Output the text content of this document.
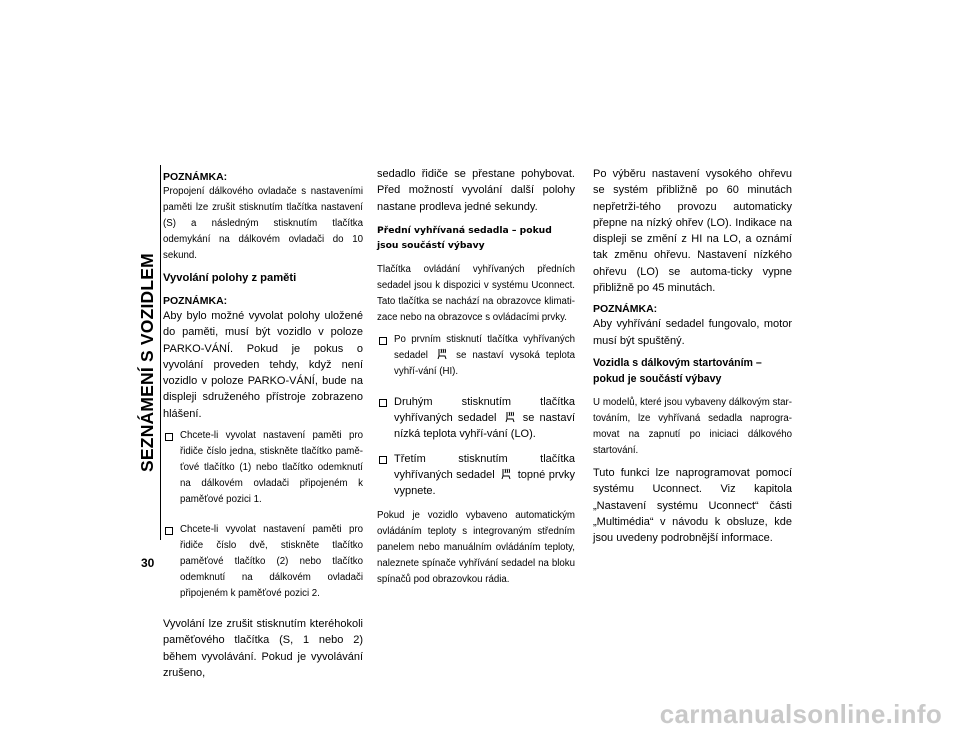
SEZNÁMENÍ S VOZIDLEM
30

POZNÁMKA:

Propojení dálkového ovladače s nastaveními paměti lze zrušit stisknutím tlačítka nastavení (S) a následným stisknutím tlačítka odemykání na dálkovém ovladači do 10 sekund.

Vyvolání polohy z paměti

POZNÁMKA:

Aby bylo možné vyvolat polohy uložené do paměti, musí být vozidlo v poloze PARKO-VÁNÍ. Pokud je pokus o vyvolání proveden tehdy, když není vozidlo v poloze PARKO-VÁNÍ, bude na displeji sdruženého přístroje zobrazeno hlášení.

Chcete-li vyvolat nastavení paměti pro řidiče číslo jedna, stiskněte tlačítko pamě-ťové tlačítko (1) nebo tlačítko odemknutí na dálkovém ovladači připojeném k paměťové pozici 1.
Chcete-li vyvolat nastavení paměti pro řidiče číslo dvě, stiskněte tlačítko paměťové tlačítko (2) nebo tlačítko odemknutí na dálkovém ovladači připojeném k paměťové pozici 2.

Vyvolání lze zrušit stisknutím kteréhokoli paměťového tlačítka (S, 1 nebo 2) během vyvolávání. Pokud je vyvolávání zrušeno,

sedadlo řidiče se přestane pohybovat. Před možností vyvolání další polohy nastane prodleva jedné sekundy.

Přední vyhřívaná sedadla – pokud jsou součástí výbavy

Tlačítka ovládání vyhřívaných předních sedadel jsou k dispozici v systému Uconnect. Tato tlačítka se nachází na obrazovce klimati-zace nebo na obrazovce s ovládacími prvky.

Po prvním stisknutí tlačítka vyhřívaných sedadel	se nastaví vysoká teplota vyhří-vání (HI).
Druhým stisknutím tlačítka vyhřívaných sedadel se nastaví nízká teplota vyhří-vání (LO).
Třetím stisknutím tlačítka vyhřívaných sedadel topné prvky vypnete.

Pokud je vozidlo vybaveno automatickým ovládáním teploty s integrovaným středním panelem nebo manuálním ovládáním teploty, naleznete spínače vyhřívání sedadel na bloku spínačů pod obrazovkou rádia.

Po výběru nastavení vysokého ohřevu se systém přibližně po 60 minutách nepřetrži-tého provozu automaticky přepne na nízký ohřev (LO). Indikace na displeji se změní z HI na LO, a oznámí tak změnu ohřevu. Nastavení nízkého ohřevu (LO) se automa-ticky vypne přibližně po 45 minutách.

POZNÁMKA:

Aby vyhřívání sedadel fungovalo, motor musí být spuštěný.

Vozidla s dálkovým startováním – pokud je součástí výbavy

U modelů, které jsou vybaveny dálkovým star-továním, lze vyhřívaná sedadla naprogra-movat na zapnutí po iniciaci dálkového startování.

Tuto funkci lze naprogramovat pomocí systému Uconnect. Viz kapitola „Nastavení systému Uconnect“ části „Multimédia“ v návodu k obsluze, kde jsou uvedeny podrobnější informace.

carmanualsonline.info
